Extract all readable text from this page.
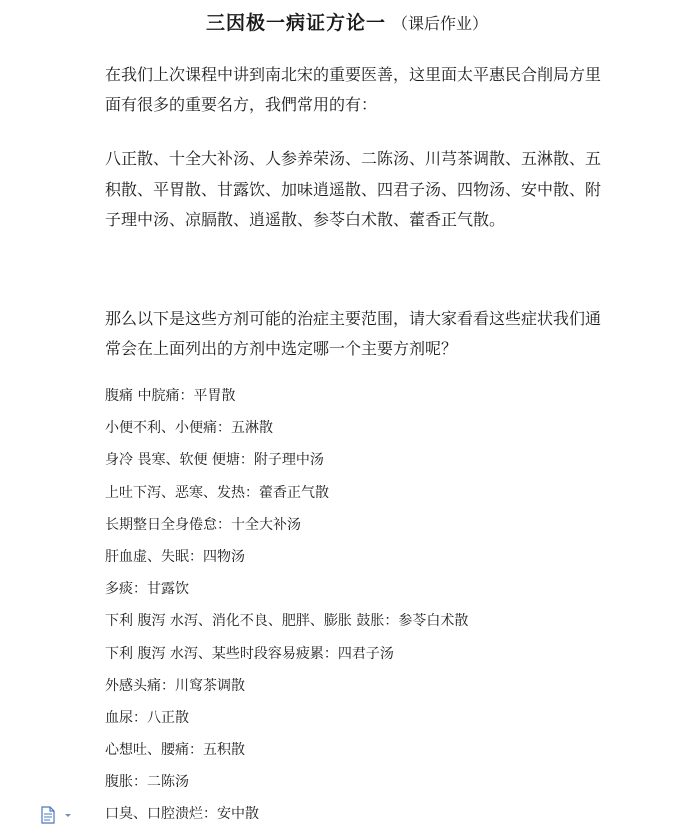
三因极一病证方论一 （课后作业）

在我们上次课程中讲到南北宋的重要医善，这里面太平惠民合削局方里面有很多的重要名方，我們常用的有：

八正散、十全大补汤、人参养荣汤、二陈汤、川芎茶调散、五淋散、五积散、平胃散、甘露饮、加味逍遥散、四君子汤、四物汤、安中散、附子理中汤、凉膈散、逍遥散、参苓白术散、藿香正气散。

那么以下是这些方剂可能的治症主要范围，请大家看看这些症状我们通常会在上面列出的方剂中选定哪一个主要方剂呢？

腹痛 中脘痛：平胃散
小便不利、小便痛：五淋散
身冷 畏寒、软便 便塘：附子理中汤
上吐下泻、恶寒、发热：藿香正气散
长期整日全身倦怠：十全大补汤
肝血虚、失眠：四物汤
多痰：甘露饮
下利 腹泻 水泻、消化不良、肥胖、膨胀 鼓胀：参苓白术散
下利 腹泻 水泻、某些时段容易疲累：四君子汤
外感头痛：川窎茶调散
血尿：八正散
心想吐、腰痛：五积散
腹胀：二陈汤
口臭、口腔溃烂：安中散
